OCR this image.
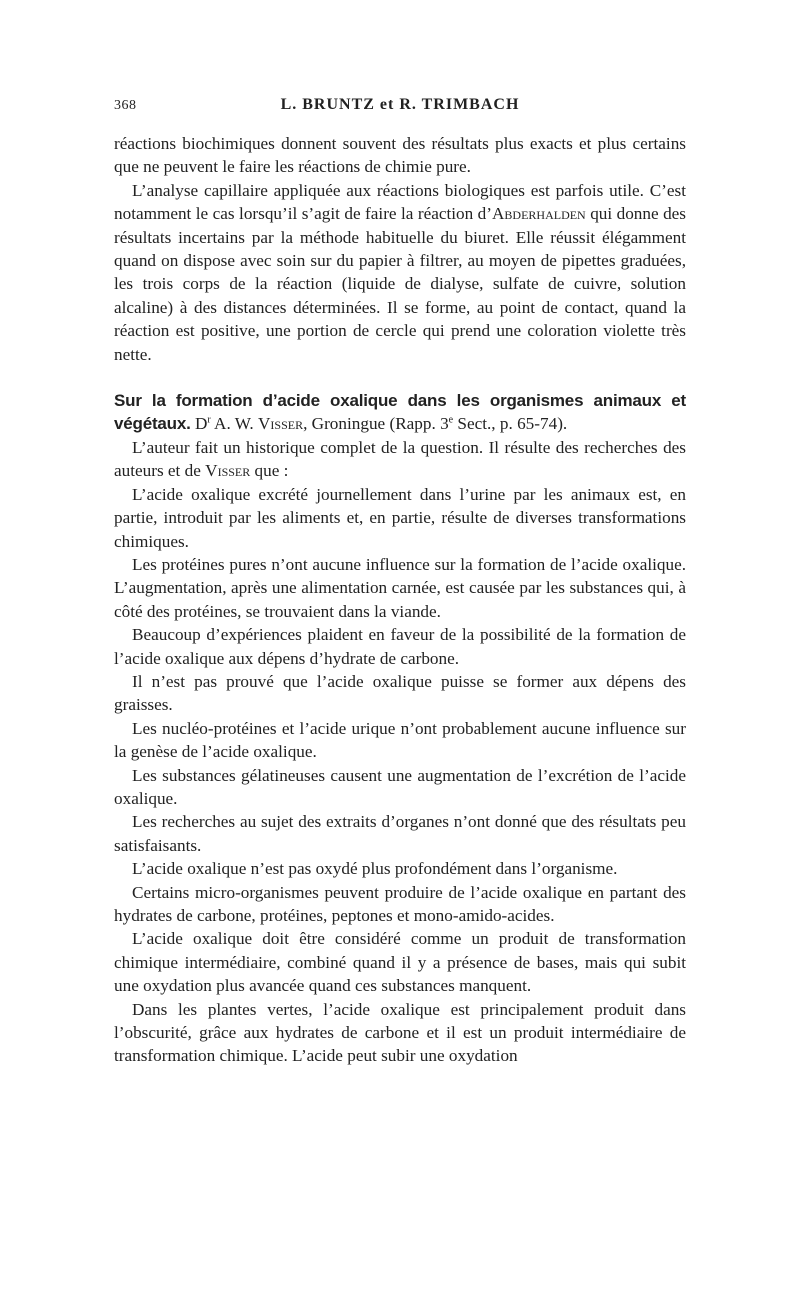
368	L. BRUNTZ et R. TRIMBACH

réactions biochimiques donnent souvent des résultats plus exacts et plus certains que ne peuvent le faire les réactions de chimie pure.

L’analyse capillaire appliquée aux réactions biologiques est parfois utile. C’est notamment le cas lorsqu’il s’agit de faire la réaction d’Abderhalden qui donne des résultats incertains par la méthode habituelle du biuret. Elle réussit élégamment quand on dispose avec soin sur du papier à filtrer, au moyen de pipettes graduées, les trois corps de la réaction (liquide de dialyse, sulfate de cuivre, solution alcaline) à des distances déterminées. Il se forme, au point de contact, quand la réaction est positive, une portion de cercle qui prend une coloration violette très nette.

Sur la formation d’acide oxalique dans les organismes animaux et végétaux. $D^r$ A. W. Visser, Groningue (Rapp. 3e Sect., p. 65-74).

L’auteur fait un historique complet de la question. Il résulte des recherches des auteurs et de Visser que :

L’acide oxalique excrété journellement dans l’urine par les animaux est, en partie, introduit par les aliments et, en partie, résulte de diverses transformations chimiques.

Les protéines pures n’ont aucune influence sur la formation de l’acide oxalique. L’augmentation, après une alimentation carnée, est causée par les substances qui, à côté des protéines, se trouvaient dans la viande.

Beaucoup d’expériences plaident en faveur de la possibilité de la formation de l’acide oxalique aux dépens d’hydrate de carbone.

Il n’est pas prouvé que l’acide oxalique puisse se former aux dépens des graisses.

Les nucléo-protéines et l’acide urique n’ont probablement aucune influence sur la genèse de l’acide oxalique.

Les substances gélatineuses causent une augmentation de l’excrétion de l’acide oxalique.

Les recherches au sujet des extraits d’organes n’ont donné que des résultats peu satisfaisants.

L’acide oxalique n’est pas oxydé plus profondément dans l’organisme.

Certains micro-organismes peuvent produire de l’acide oxalique en partant des hydrates de carbone, protéines, peptones et mono-amido-acides.

L’acide oxalique doit être considéré comme un produit de transformation chimique intermédiaire, combiné quand il y a présence de bases, mais qui subit une oxydation plus avancée quand ces substances manquent.

Dans les plantes vertes, l’acide oxalique est principalement produit dans l’obscurité, grâce aux hydrates de carbone et il est un produit intermédiaire de transformation chimique. L’acide peut subir une oxydation
